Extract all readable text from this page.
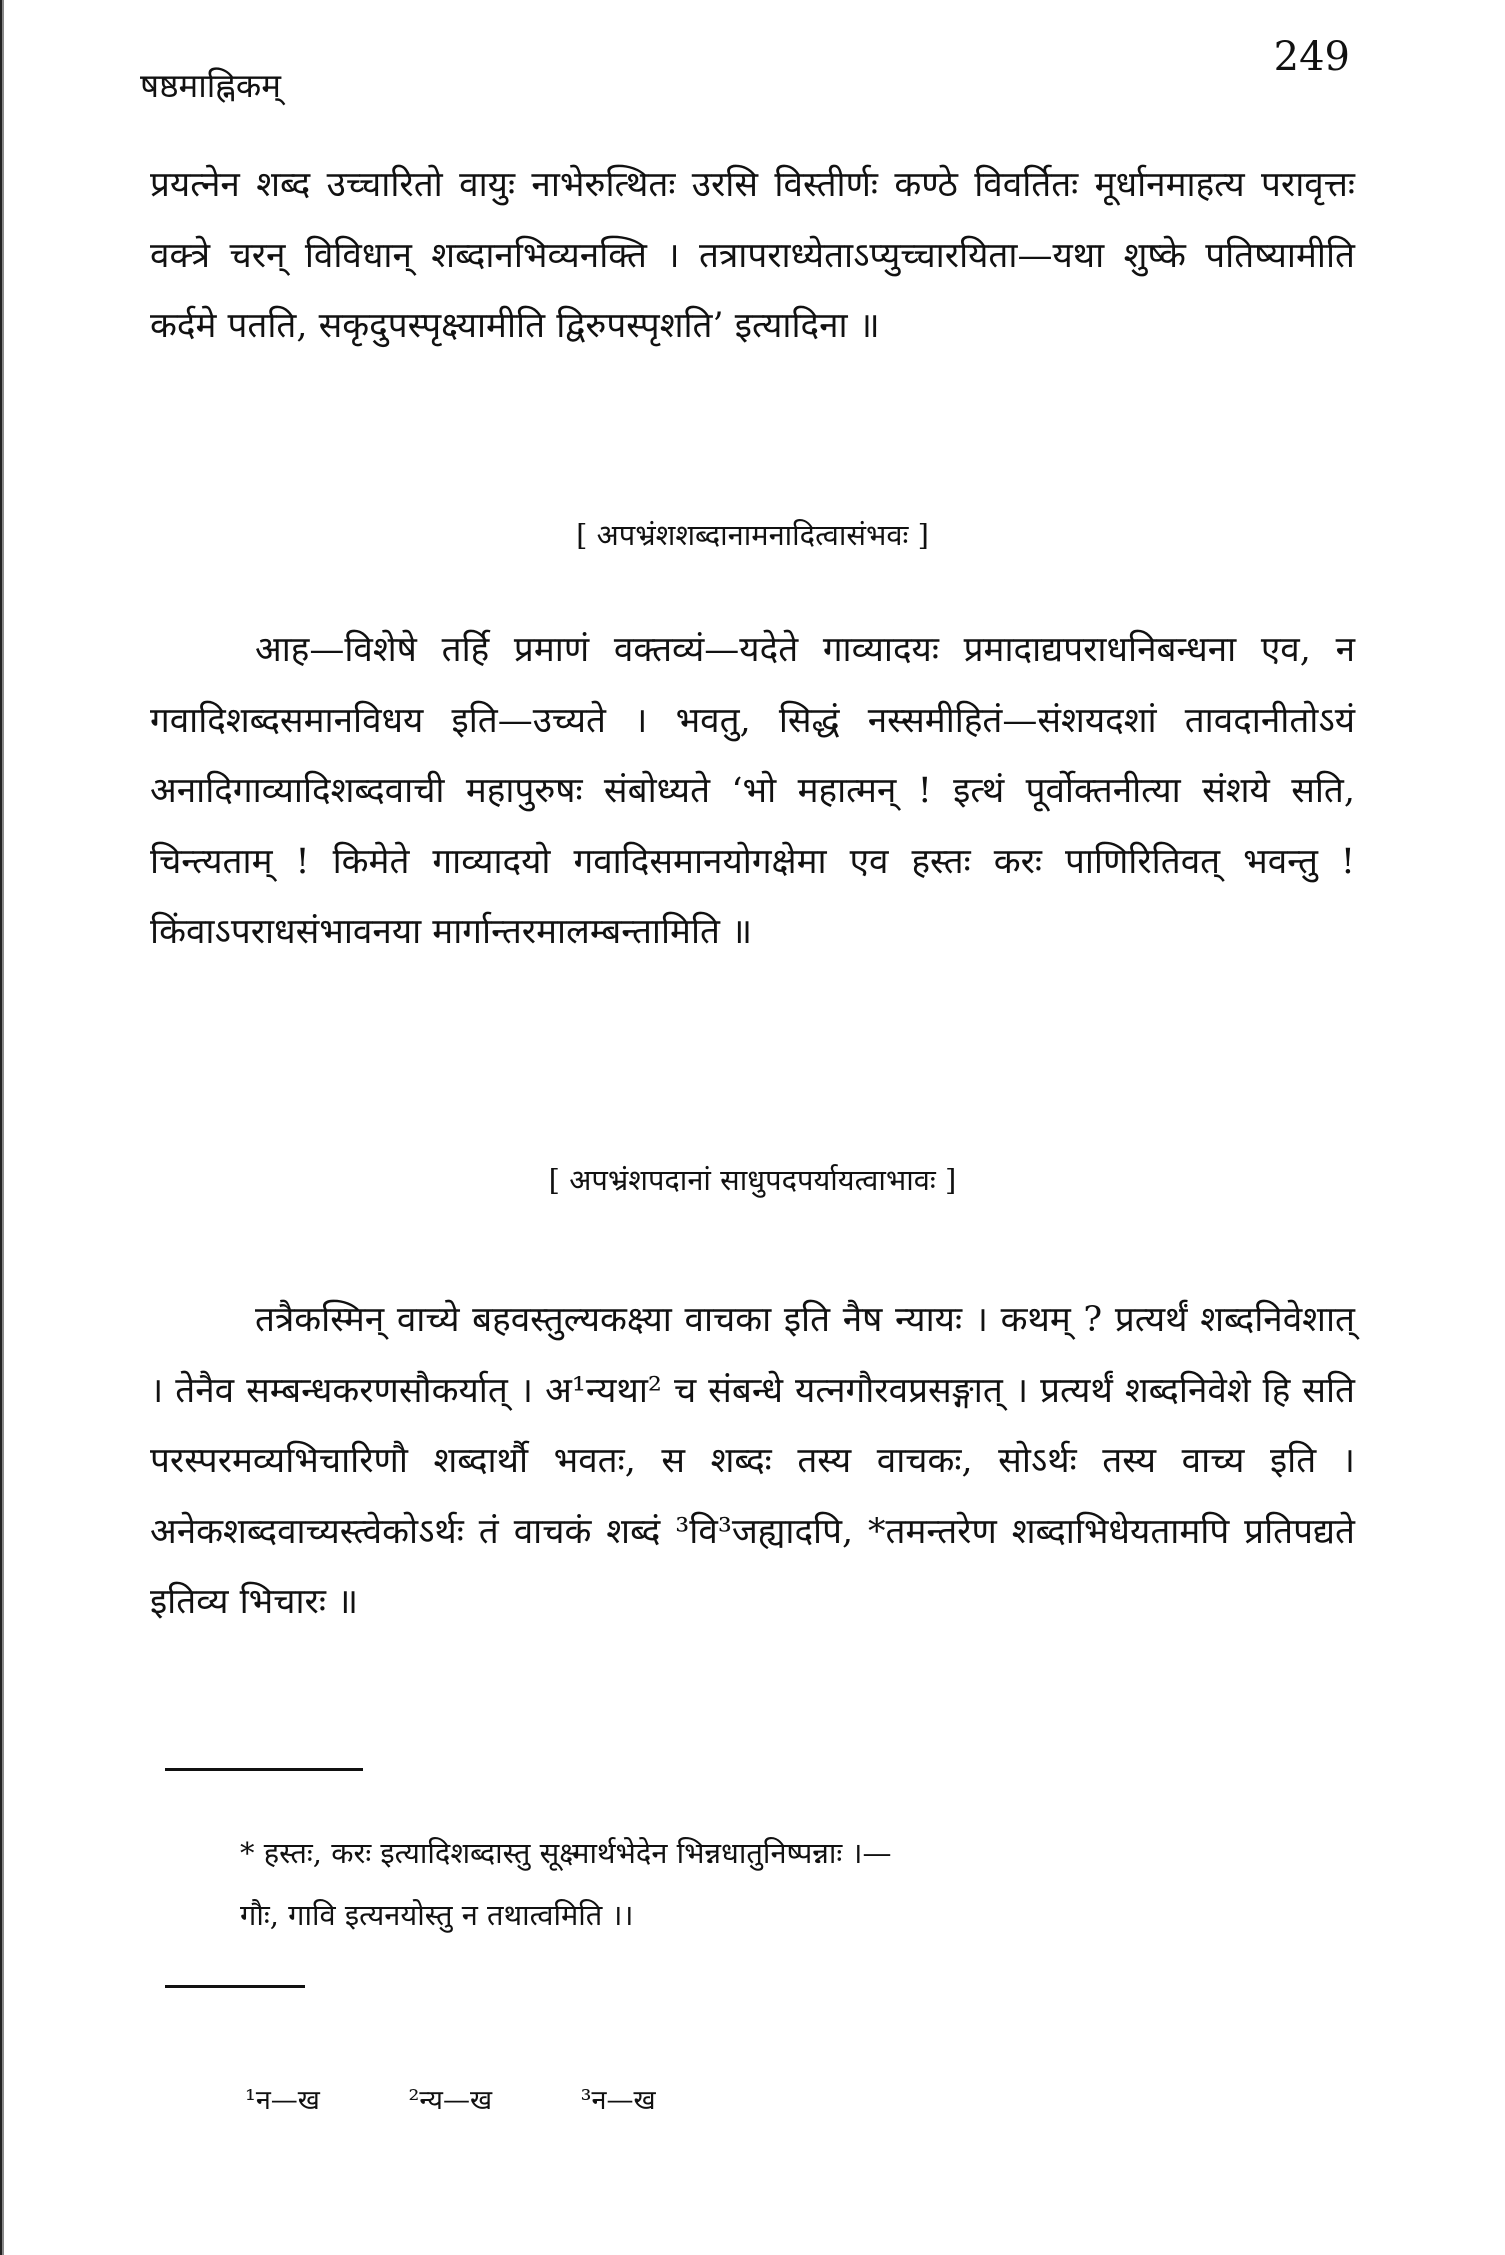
षष्ठमाह्निकम्
249

प्रयत्नेन शब्द उच्चारितो वायुः नाभेरुत्थितः उरसि विस्तीर्णः कण्ठे विवर्तितः मूर्धानमाहत्य परावृत्तः वक्त्रे चरन् विविधान् शब्दानभिव्यनक्ति । तत्रापराध्येताऽप्युच्चारयिता—यथा शुष्के पतिष्यामीति कर्दमे पतति, सकृदुपस्पृक्ष्यामीति द्विरुपस्पृशति’ इत्यादिना ॥

[ अपभ्रंशशब्दानामनादित्वासंभवः ]

आह—विशेषे तर्हि प्रमाणं वक्तव्यं—यदेते गाव्यादयः प्रमादाद्यपराधनिबन्धना एव, न गवादिशब्दसमानविधय इति—उच्यते । भवतु, सिद्धं नस्समीहितं—संशयदशां तावदानीतोऽयं अनादिगाव्यादिशब्दवाची महापुरुषः संबोध्यते ‘भो महात्मन् ! इत्थं पूर्वोक्तनीत्या संशये सति, चिन्त्यताम् ! किमेते गाव्यादयो गवादिसमानयोगक्षेमा एव हस्तः करः पाणिरितिवत् भवन्तु ! किंवाऽपराधसंभावनया मार्गान्तरमालम्बन्तामिति ॥

[ अपभ्रंशपदानां साधुपदपर्यायत्वाभावः ]

तत्रैकस्मिन् वाच्ये बहवस्तुल्यकक्ष्या वाचका इति नैष न्यायः । कथम् ? प्रत्यर्थं शब्दनिवेशात् । तेनैव सम्बन्धकरणसौकर्यात् । अ¹न्यथा² च संबन्धे यत्नगौरवप्रसङ्गात् । प्रत्यर्थं शब्दनिवेशे हि सति परस्परमव्यभिचारिणौ शब्दार्थौ भवतः, स शब्दः तस्य वाचकः, सोऽर्थः तस्य वाच्य इति । अनेकशब्दवाच्यस्त्वेकोऽर्थः तं वाचकं शब्दं ³वि³जह्यादपि, *तमन्तरेण शब्दाभिधेयतामपि प्रतिपद्यते इतिव्य भिचारः ॥

* हस्तः, करः इत्यादिशब्दास्तु सूक्ष्मार्थभेदेन भिन्नधातुनिष्पन्नाः ।—
गौः, गावि इत्यनयोस्तु न तथात्वमिति ।।
¹न—ख	²न्य—ख	³न—ख
